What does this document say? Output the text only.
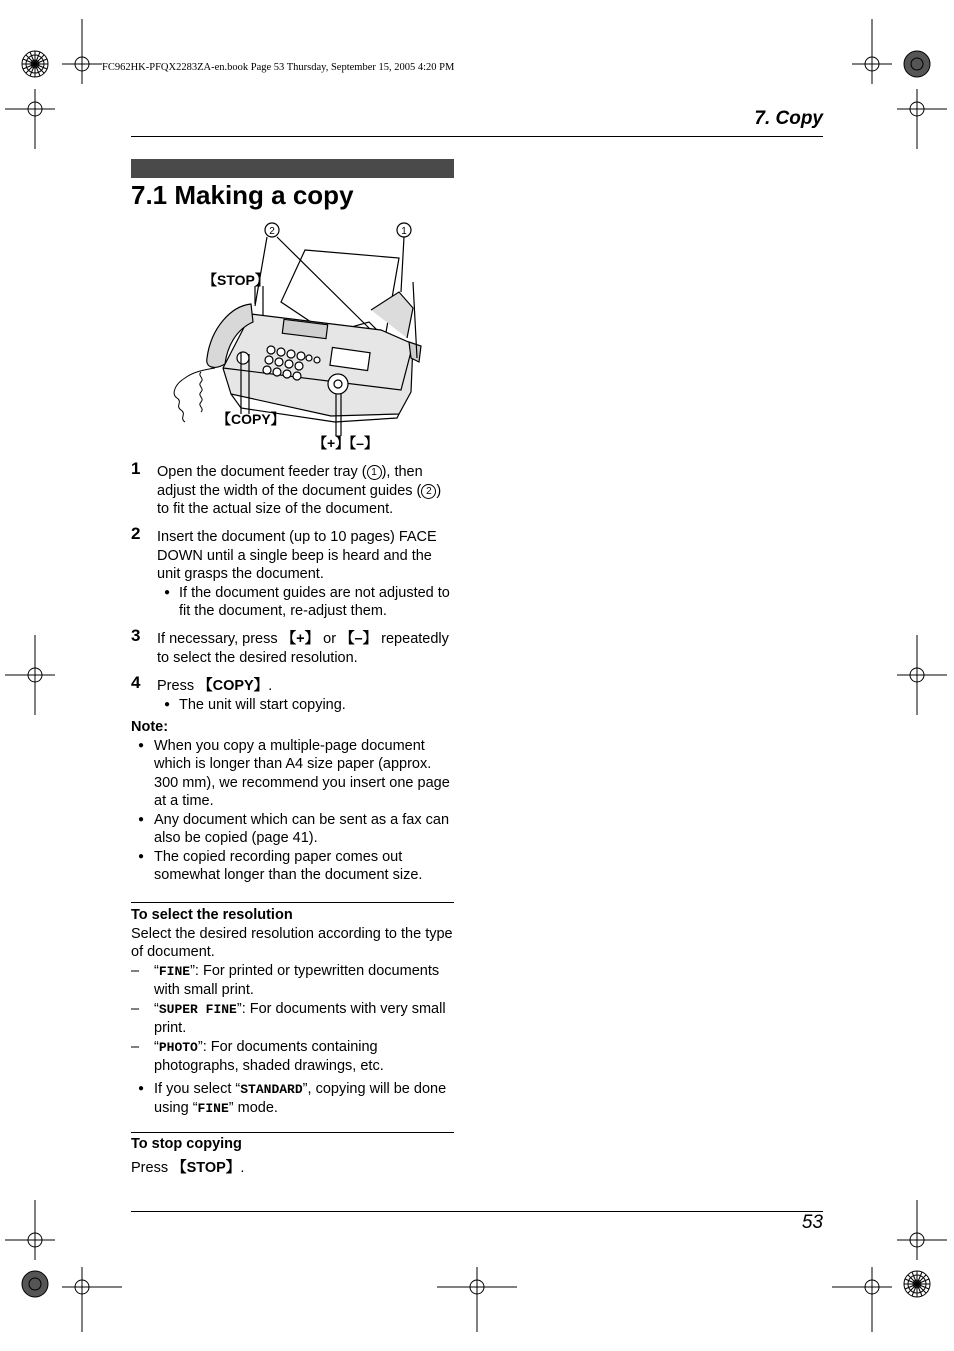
FC962HK-PFQX2283ZA-en.book Page 53 Thursday, September 15, 2005 4:20 PM
7. Copy
7.1 Making a copy
2	1
【STOP】
【COPY】
【+】【–】
1 Open the document feeder tray ( 1 ), then adjust the width of the document guides ( 2 ) to fit the actual size of the document.
2 Insert the document (up to 10 pages) FACE DOWN until a single beep is heard and the unit grasps the document.
● If the document guides are not adjusted to fit the document, re-adjust them.
3 If necessary, press 【+】 or 【–】 repeatedly to select the desired resolution.
4 Press 【COPY】.
● The unit will start copying.
Note:
● When you copy a multiple-page document which is longer than A4 size paper (approx. 300 mm), we recommend you insert one page at a time.
● Any document which can be sent as a fax can also be copied (page 41).
● The copied recording paper comes out somewhat longer than the document size.
To select the resolution
Select the desired resolution according to the type of document.
– “FINE”: For printed or typewritten documents with small print.
– “SUPER FINE”: For documents with very small print.
– “PHOTO”: For documents containing photographs, shaded drawings, etc.
● If you select “STANDARD”, copying will be done using “FINE” mode.
To stop copying
Press 【STOP】.
53
